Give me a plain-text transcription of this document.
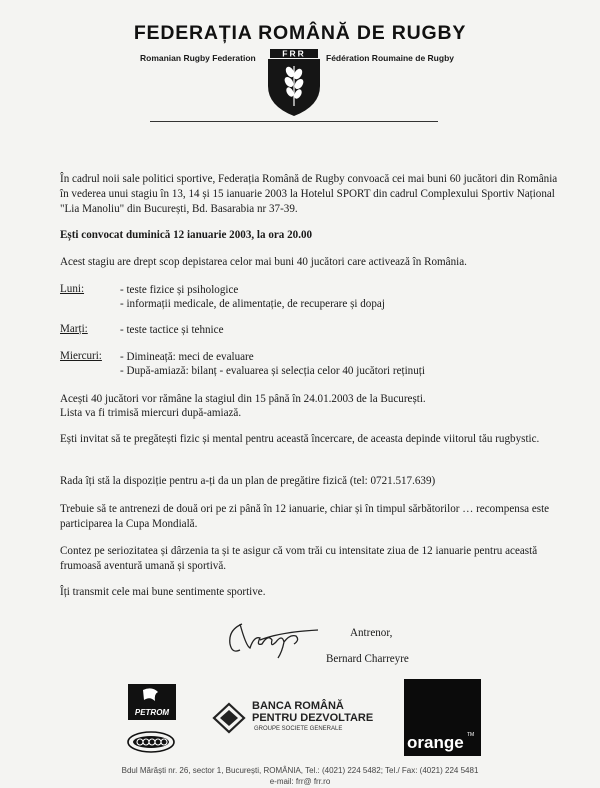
FEDERAȚIA ROMÂNĂ DE RUGBY
Romanian Rugby Federation	Fédération Roumaine de Rugby
FRR
În cadrul noii sale politici sportive, Federația Română de Rugby convoacă cei mai buni 60 jucători din România în vederea unui stagiu în 13, 14 și 15 ianuarie 2003 la Hotelul SPORT din cadrul Complexului Sportiv Național "Lia Manoliu" din București, Bd. Basarabia nr 37-39.
Ești convocat duminică 12 ianuarie 2003, la ora 20.00
Acest stagiu are drept scop depistarea celor mai buni 40 jucători care activează în România.
Luni:	- teste fizice și psihologice
- informații medicale, de alimentație, de recuperare și dopaj
Marți:	- teste tactice și tehnice
Miercuri: - Dimineață: meci de evaluare
- După-amiază: bilanț - evaluarea și selecția celor 40 jucători reținuți
Acești 40 jucători vor rămâne la stagiul din 15 până în 24.01.2003 de la București.
Lista va fi trimisă miercuri după-amiază.
Ești invitat să te pregătești fizic și mental pentru această încercare, de aceasta depinde viitorul tău rugbystic.
Rada îți stă la dispoziție pentru a-ți da un plan de pregătire fizică (tel: 0721.517.639)
Trebuie să te antrenezi de două ori pe zi până în 12 ianuarie, chiar și în timpul sărbătorilor … recompensa este participarea la Cupa Mondială.
Contez pe seriozitatea și dârzenia ta și te asigur că vom trăi cu intensitate ziua de 12 ianuarie pentru această frumoasă aventură umană și sportivă.
Îți transmit cele mai bune sentimente sportive.
Antrenor,
Bernard Charreyre
PETROM
BANCA ROMÂNĂ
PENTRU DEZVOLTARE
GROUPE SOCIETE GENERALE
orange TM
Bdul Mărăști nr. 26, sector 1, București, ROMÂNIA, Tel.: (4021) 224 5482; Tel./ Fax: (4021) 224 5481
e-mail: frr@ frr.ro
